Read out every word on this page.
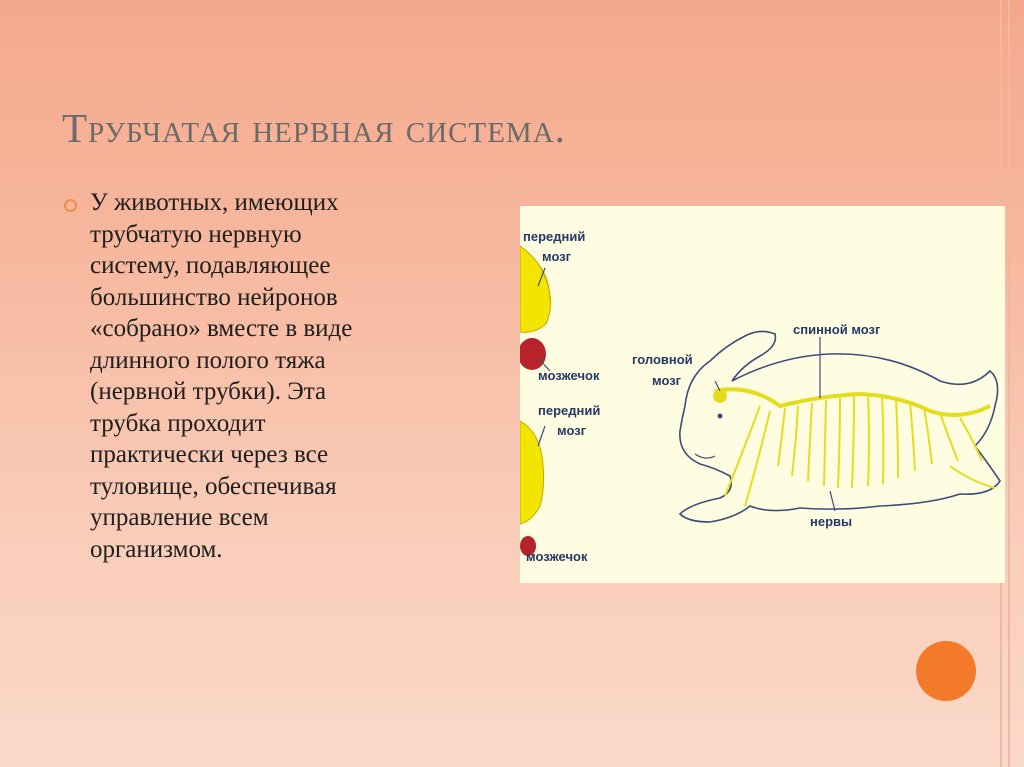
Трубчатая нервная система.
У животных, имеющих
трубчатую нервную
систему, подавляющее
большинство нейронов
«собрано» вместе в виде
длинного полого тяжа
(нервной трубки). Эта
трубка проходит
практически через все
туловище, обеспечивая
управление всем
организмом.
передний
мозг
мозжечок
передний
мозг
мозжечок
головной
мозг
спинной мозг
нервы
